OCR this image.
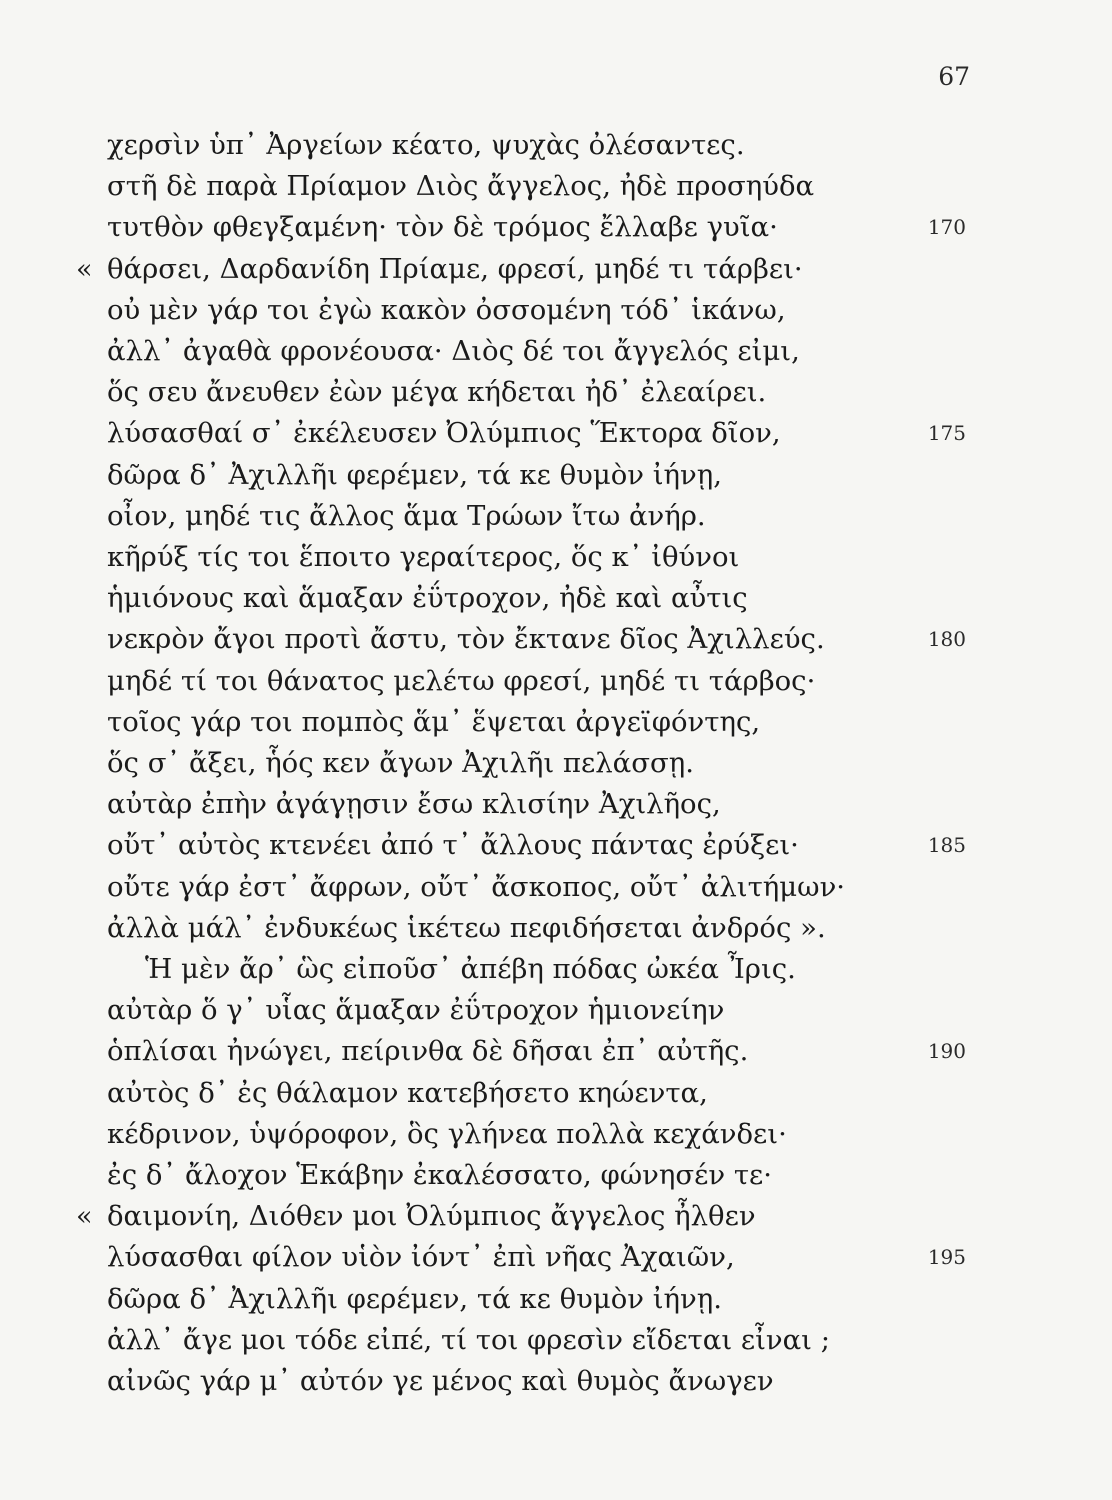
67
χερσὶν ὑπ᾽ Ἀργείων κέατο, ψυχὰς ὀλέσαντες.
στῆ δὲ παρὰ Πρίαμον Διὸς ἄγγελος, ἠδὲ προσηύδα
τυτθὸν φθεγξαμένη· τὸν δὲ τρόμος ἔλλαβε γυῖα·	170
« θάρσει, Δαρδανίδη Πρίαμε, φρεσί, μηδέ τι τάρβει·
οὐ μὲν γάρ τοι ἐγὼ κακὸν ὀσσομένη τόδ᾽ ἱκάνω,
ἀλλ᾽ ἀγαθὰ φρονέουσα· Διὸς δέ τοι ἄγγελός εἰμι,
ὅς σευ ἄνευθεν ἐὼν μέγα κήδεται ἠδ᾽ ἐλεαίρει.
λύσασθαί σ᾽ ἐκέλευσεν Ὀλύμπιος Ἕκτορα δῖον,	175
δῶρα δ᾽ Ἀχιλλῆι φερέμεν, τά κε θυμὸν ἰήνῃ,
οἶον, μηδέ τις ἄλλος ἅμα Τρώων ἴτω ἀνήρ.
κῆρύξ τίς τοι ἕποιτο γεραίτερος, ὅς κ᾽ ἰθύνοι
ἡμιόνους καὶ ἅμαξαν ἐΰτροχον, ἠδὲ καὶ αὖτις
νεκρὸν ἄγοι προτὶ ἄστυ, τὸν ἔκτανε δῖος Ἀχιλλεύς.	180
μηδέ τί τοι θάνατος μελέτω φρεσί, μηδέ τι τάρβος·
τοῖος γάρ τοι πομπὸς ἅμ᾽ ἕψεται ἀργεϊφόντης,
ὅς σ᾽ ἄξει, ἧός κεν ἄγων Ἀχιλῆι πελάσσῃ.
αὐτὰρ ἐπὴν ἀγάγῃσιν ἔσω κλισίην Ἀχιλῆος,
οὔτ᾽ αὐτὸς κτενέει ἀπό τ᾽ ἄλλους πάντας ἐρύξει·	185
οὔτε γάρ ἐστ᾽ ἄφρων, οὔτ᾽ ἄσκοπος, οὔτ᾽ ἀλιτήμων·
ἀλλὰ μάλ᾽ ἐνδυκέως ἱκέτεω πεφιδήσεται ἀνδρός ».
Ἡ μὲν ἄρ᾽ ὣς εἰποῦσ᾽ ἀπέβη πόδας ὠκέα Ἶρις.
αὐτὰρ ὅ γ᾽ υἷας ἅμαξαν ἐΰτροχον ἡμιονείην
ὁπλίσαι ἠνώγει, πείρινθα δὲ δῆσαι ἐπ᾽ αὐτῆς.	190
αὐτὸς δ᾽ ἐς θάλαμον κατεβήσετο κηώεντα,
κέδρινον, ὑψόροφον, ὃς γλήνεα πολλὰ κεχάνδει·
ἐς δ᾽ ἄλοχον Ἑκάβην ἐκαλέσσατο, φώνησέν τε·
« δαιμονίη, Διόθεν μοι Ὀλύμπιος ἄγγελος ἦλθεν
λύσασθαι φίλον υἱὸν ἰόντ᾽ ἐπὶ νῆας Ἀχαιῶν,	195
δῶρα δ᾽ Ἀχιλλῆι φερέμεν, τά κε θυμὸν ἰήνῃ.
ἀλλ᾽ ἄγε μοι τόδε εἰπέ, τί τοι φρεσὶν εἴδεται εἶναι ;
αἰνῶς γάρ μ᾽ αὐτόν γε μένος καὶ θυμὸς ἄνωγεν
